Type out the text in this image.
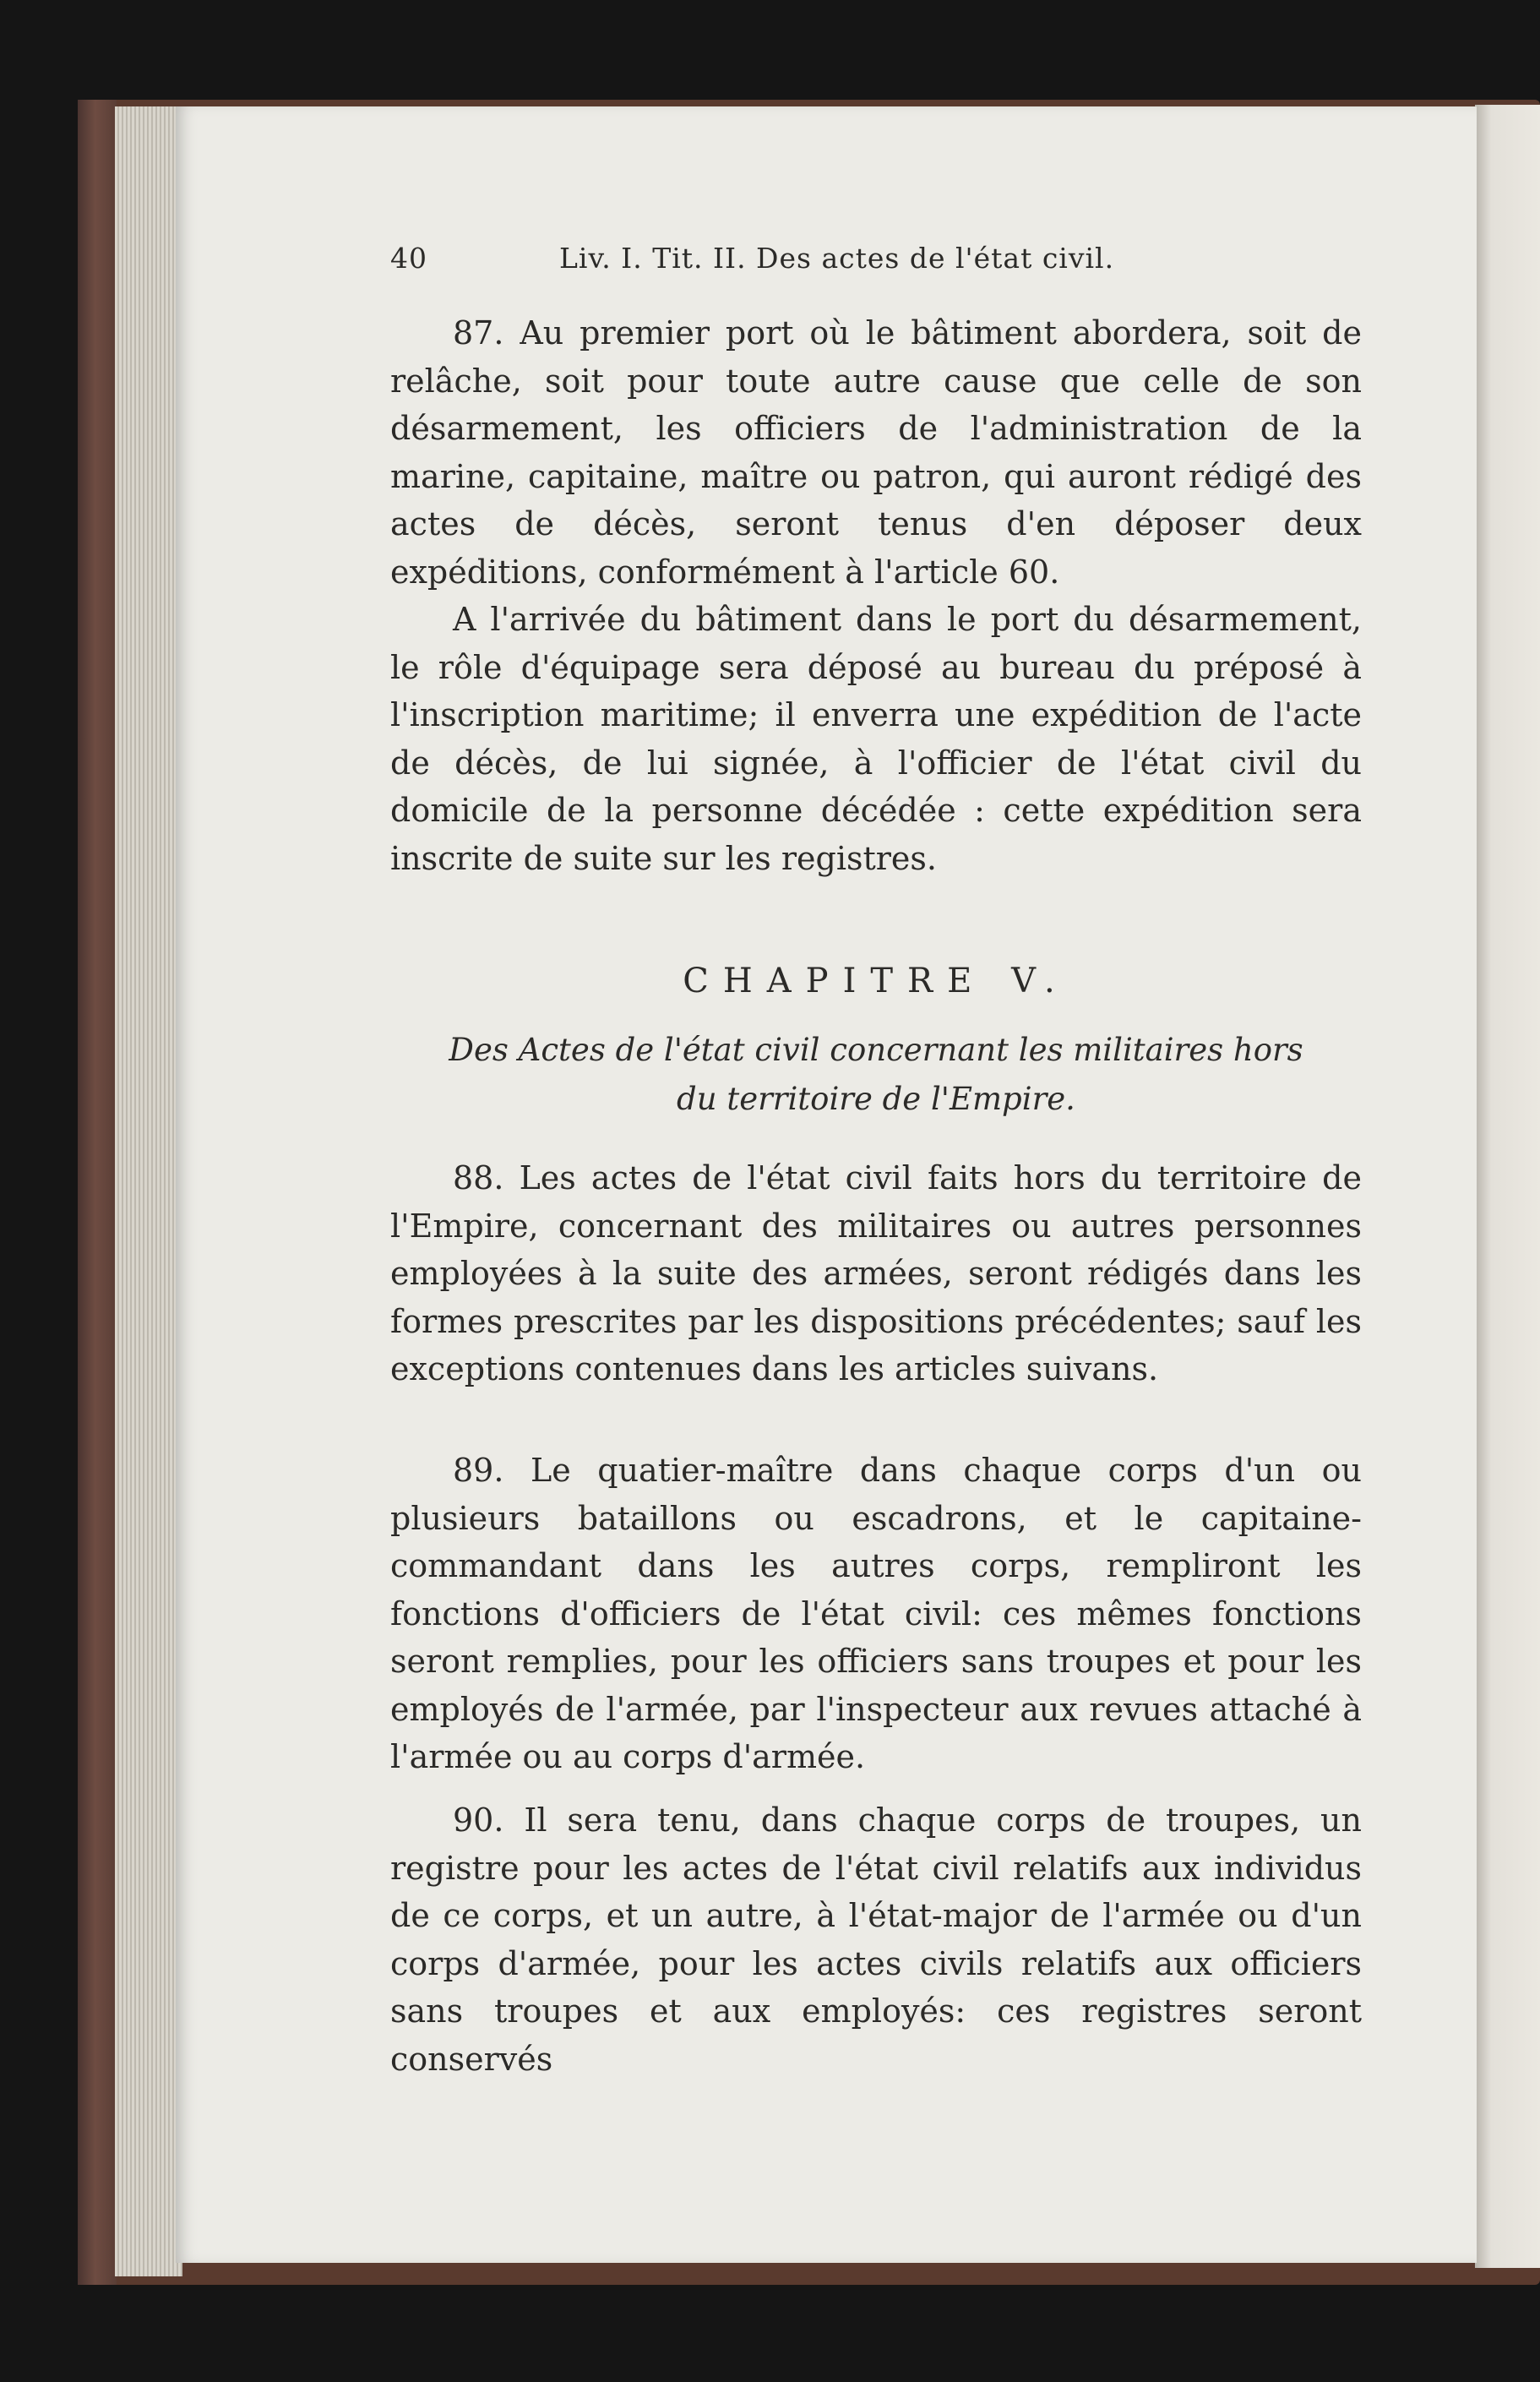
40	Liv. I. Tit. II. Des actes de l'état civil.

87. Au premier port où le bâtiment abordera, soit de relâche, soit pour toute autre cause que celle de son désarmement, les officiers de l'administration de la marine, capitaine, maître ou patron, qui auront rédigé des actes de décès, seront tenus d'en déposer deux expéditions, conformément à l'article 60.

A l'arrivée du bâtiment dans le port du désarmement, le rôle d'équipage sera déposé au bureau du préposé à l'inscription maritime; il enverra une expédition de l'acte de décès, de lui signée, à l'officier de l'état civil du domicile de la personne décédée : cette expédition sera inscrite de suite sur les registres.

CHAPITRE V.
Des Actes de l'état civil concernant les militaires hors
du territoire de l'Empire.

88. Les actes de l'état civil faits hors du territoire de l'Empire, concernant des militaires ou autres personnes employées à la suite des armées, seront rédigés dans les formes prescrites par les dispositions précédentes; sauf les exceptions contenues dans les articles suivans.

89. Le quatier-maître dans chaque corps d'un ou plusieurs bataillons ou escadrons, et le capitaine-commandant dans les autres corps, rempliront les fonctions d'officiers de l'état civil: ces mêmes fonctions seront remplies, pour les officiers sans troupes et pour les employés de l'armée, par l'inspecteur aux revues attaché à l'armée ou au corps d'armée.

90. Il sera tenu, dans chaque corps de troupes, un registre pour les actes de l'état civil relatifs aux individus de ce corps, et un autre, à l'état-major de l'armée ou d'un corps d'armée, pour les actes civils relatifs aux officiers sans troupes et aux employés: ces registres seront conservés
